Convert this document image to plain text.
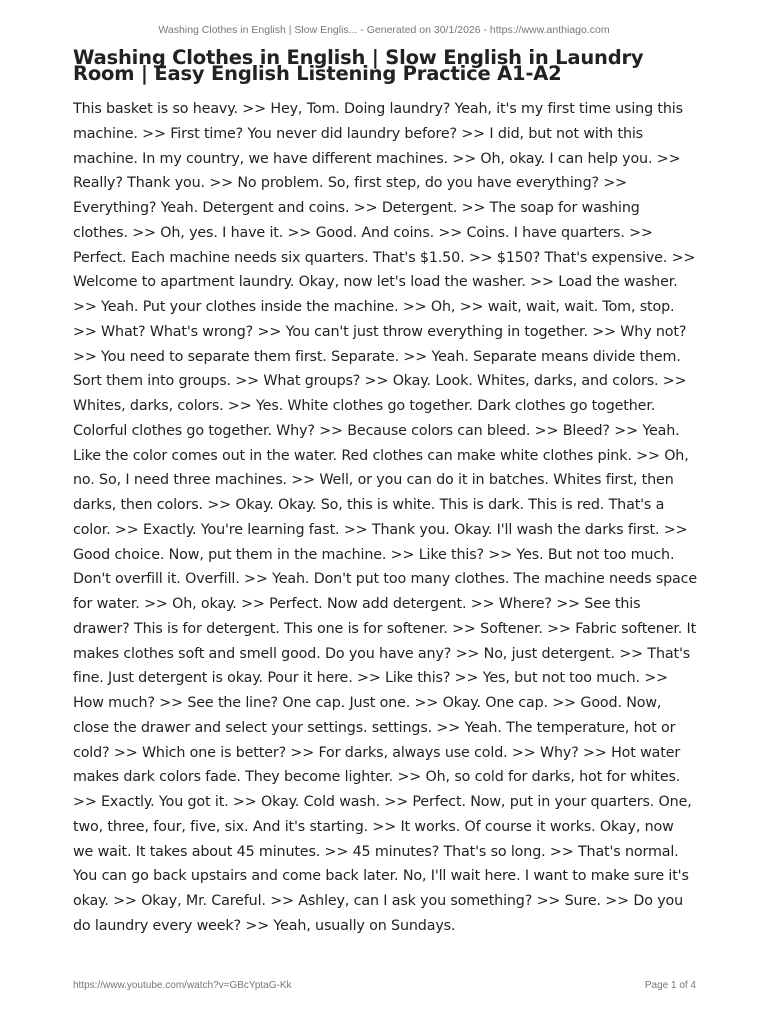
Washing Clothes in English | Slow Englis... - Generated on 30/1/2026 - https://www.anthiago.com
Washing Clothes in English | Slow English in Laundry Room | Easy English Listening Practice A1-A2

This basket is so heavy. >> Hey, Tom. Doing laundry? Yeah, it's my first time using this machine. >> First time? You never did laundry before? >> I did, but not with this machine. In my country, we have different machines. >> Oh, okay. I can help you. >> Really? Thank you. >> No problem. So, first step, do you have everything? >> Everything? Yeah. Detergent and coins. >> Detergent. >> The soap for washing clothes. >> Oh, yes. I have it. >> Good. And coins. >> Coins. I have quarters. >> Perfect. Each machine needs six quarters. That's $1.50. >> $150? That's expensive. >> Welcome to apartment laundry. Okay, now let's load the washer. >> Load the washer. >> Yeah. Put your clothes inside the machine. >> Oh, >> wait, wait, wait. Tom, stop. >> What? What's wrong? >> You can't just throw everything in together. >> Why not? >> You need to separate them first. Separate. >> Yeah. Separate means divide them. Sort them into groups. >> What groups? >> Okay. Look. Whites, darks, and colors. >> Whites, darks, colors. >> Yes. White clothes go together. Dark clothes go together. Colorful clothes go together. Why? >> Because colors can bleed. >> Bleed? >> Yeah. Like the color comes out in the water. Red clothes can make white clothes pink. >> Oh, no. So, I need three machines. >> Well, or you can do it in batches. Whites first, then darks, then colors. >> Okay. Okay. So, this is white. This is dark. This is red. That's a color. >> Exactly. You're learning fast. >> Thank you. Okay. I'll wash the darks first. >> Good choice. Now, put them in the machine. >> Like this? >> Yes. But not too much. Don't overfill it. Overfill. >> Yeah. Don't put too many clothes. The machine needs space for water. >> Oh, okay. >> Perfect. Now add detergent. >> Where? >> See this drawer? This is for detergent. This one is for softener. >> Softener. >> Fabric softener. It makes clothes soft and smell good. Do you have any? >> No, just detergent. >> That's fine. Just detergent is okay. Pour it here. >> Like this? >> Yes, but not too much. >> How much? >> See the line? One cap. Just one. >> Okay. One cap. >> Good. Now, close the drawer and select your settings. settings. >> Yeah. The temperature, hot or cold? >> Which one is better? >> For darks, always use cold. >> Why? >> Hot water makes dark colors fade. They become lighter. >> Oh, so cold for darks, hot for whites. >> Exactly. You got it. >> Okay. Cold wash. >> Perfect. Now, put in your quarters. One, two, three, four, five, six. And it's starting. >> It works. Of course it works. Okay, now we wait. It takes about 45 minutes. >> 45 minutes? That's so long. >> That's normal. You can go back upstairs and come back later. No, I'll wait here. I want to make sure it's okay. >> Okay, Mr. Careful. >> Ashley, can I ask you something? >> Sure. >> Do you do laundry every week? >> Yeah, usually on Sundays.

https://www.youtube.com/watch?v=GBcYptaG-Kk	Page 1 of 4
